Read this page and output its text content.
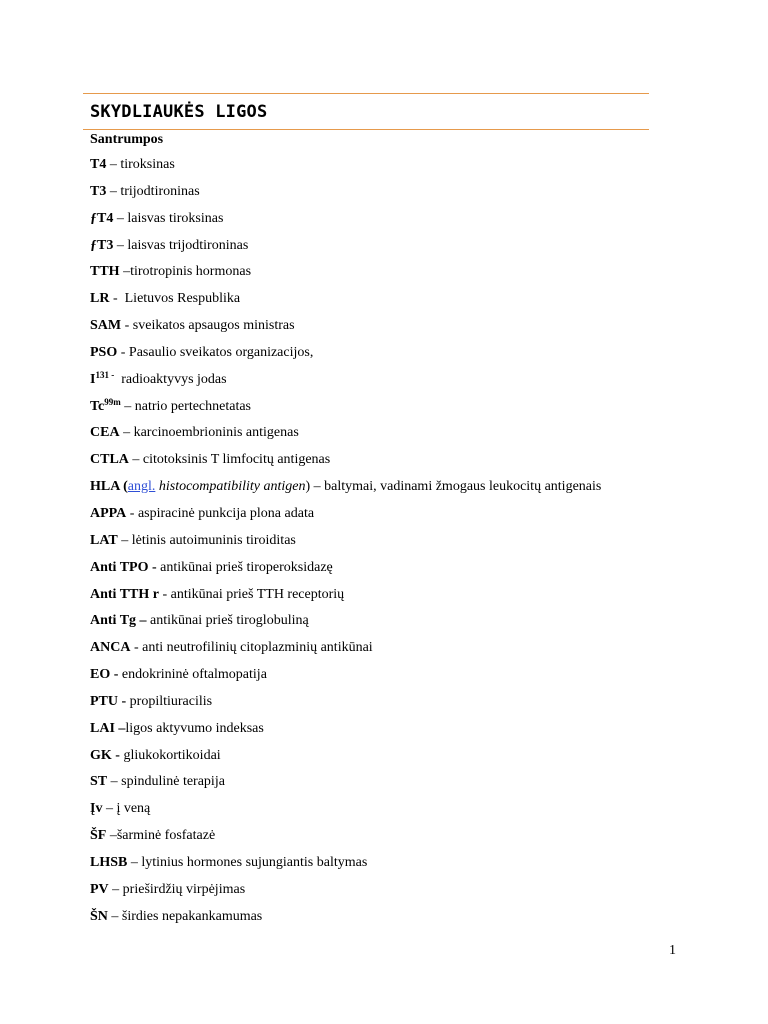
SKYDLIAUKĖS LIGOS
Santrumpos
T4 – tiroksinas
T3 – trijodtironinas
ƒT4 – laisvas tiroksinas
ƒT3 – laisvas trijodtironinas
TTH –tirotropinis hormonas
LR -  Lietuvos Respublika
SAM - sveikatos apsaugos ministras
PSO - Pasaulio sveikatos organizacijos,
$I^{131 -}$ radioaktyvys jodas
$Tc^{99m}$ – natrio pertechnetatas
CEA – karcinoembrioninis antigenas
CTLA – citotoksinis T limfocitų antigenas
HLA (angl. histocompatibility antigen) – baltymai, vadinami žmogaus leukocitų antigenais
APPA - aspiracinė punkcija plona adata
LAT – lėtinis autoimuninis tiroiditas
Anti TPO - antikūnai prieš tiroperoksidazę
Anti TTH r - antikūnai prieš TTH receptorių
Anti Tg – antikūnai prieš tiroglobuliną
ANCA - anti neutrofilinių citoplazminių antikūnai
EO - endokrininė oftalmopatija
PTU - propiltiuracilis
LAI –ligos aktyvumo indeksas
GK - gliukokortikoidai
ST – spindulinė terapija
Įv – į veną
ŠF –šarminė fosfatazė
LHSB – lytinius hormones sujungiantis baltymas
PV – prieširdžių virpėjimas
ŠN – širdies nepakankamumas
1
